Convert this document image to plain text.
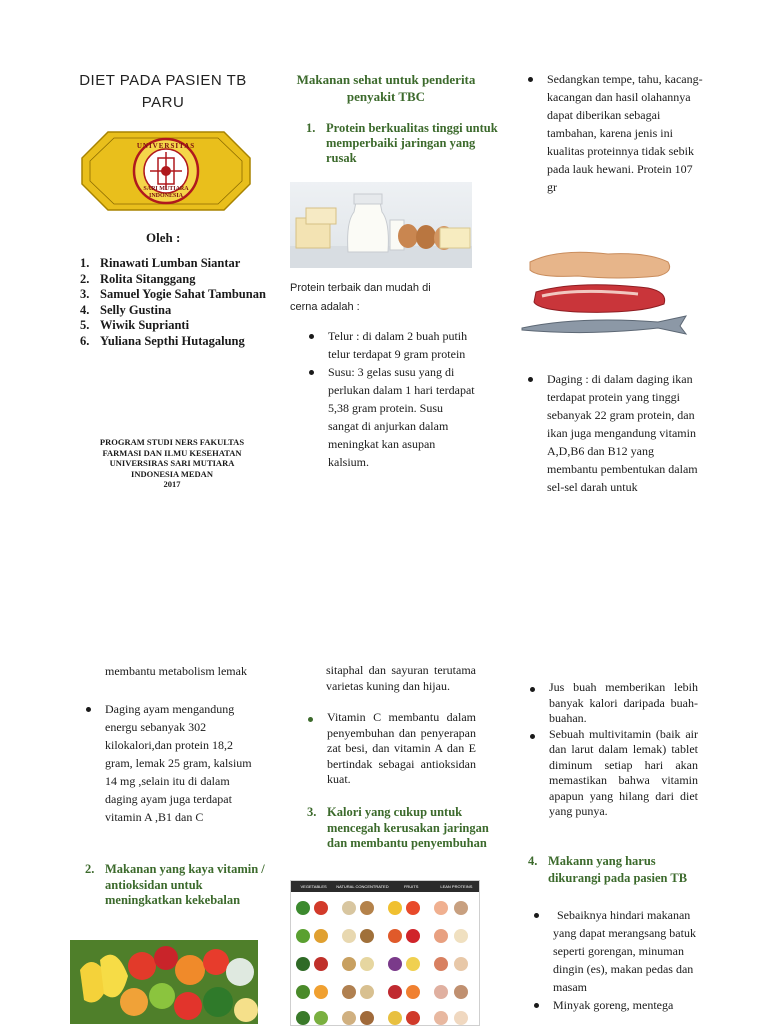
DIET PADA PASIEN TB PARU
UNIVERSITAS
SARI MUTIARA
INDONESIA
Oleh :
1. Rinawati Lumban Siantar
2. Rolita Sitanggang
3. Samuel Yogie Sahat Tambunan
4. Selly Gustina
5. Wiwik Suprianti
6. Yuliana Septhi Hutagalung
PROGRAM STUDI NERS FAKULTAS
FARMASI DAN ILMU KESEHATAN
UNIVERSIRAS SARI MUTIARA
INDONESIA MEDAN
2017
Makanan sehat untuk penderita penyakit TBC
1. Protein berkualitas tinggi untuk memperbaiki jaringan yang rusak
Protein terbaik dan mudah di cerna adalah :
Telur : di dalam 2 buah putih telur terdapat 9 gram protein
Susu: 3 gelas susu yang di perlukan dalam 1 hari terdapat 5,38 gram protein. Susu sangat di anjurkan dalam meningkat kan asupan kalsium.
Sedangkan tempe, tahu, kacang-kacangan dan hasil olahannya dapat diberikan sebagai tambahan, karena jenis ini kualitas proteinnya tidak sebik pada lauk hewani. Protein 107 gr
Daging : di dalam daging ikan terdapat protein yang tinggi sebanyak 22 gram protein, dan ikan juga mengandung vitamin A,D,B6 dan B12 yang membantu pembentukan dalam sel-sel darah untuk
membantu metabolism lemak
Daging ayam mengandung energu sebanyak 302 kilokalori,dan protein 18,2 gram, lemak 25 gram, kalsium 14 mg ,selain itu di dalam daging ayam juga terdapat vitamin A ,B1 dan C
2. Makanan yang kaya vitamin / antioksidan untuk meningkatkan kekebalan
sitaphal dan sayuran terutama varietas kuning dan hijau.
Vitamin C membantu dalam penyembuhan dan penyerapan zat besi, dan vitamin A dan E bertindak sebagai antioksidan kuat.
3. Kalori yang cukup untuk mencegah kerusakan jaringan dan membantu penyembuhan
VEGETABLES	NATURAL CONCENTRATED	FRUITS	LEAN PROTEINS
Jus buah memberikan lebih banyak kalori daripada buah-buahan.
Sebuah multivitamin (baik air dan larut dalam lemak) tablet diminum setiap hari akan memastikan bahwa vitamin apapun yang hilang dari diet yang punya.
4. Makann yang harus dikurangi pada pasien TB
Sebaiknya hindari makanan yang dapat merangsang batuk seperti gorengan, minuman dingin (es), makan pedas dan masam
Minyak goreng, mentega
